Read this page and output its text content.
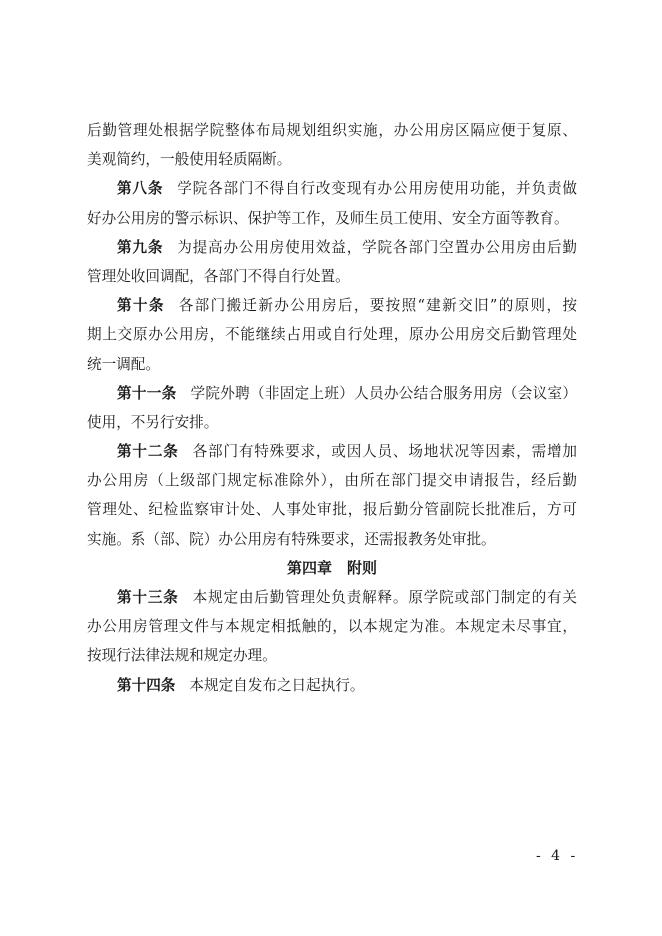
后勤管理处根据学院整体布局规划组织实施，办公用房区隔应便于复原、
美观简约，一般使用轻质隔断。
第八条 学院各部门不得自行改变现有办公用房使用功能，并负责做
好办公用房的警示标识、保护等工作，及师生员工使用、安全方面等教育。
第九条 为提高办公用房使用效益，学院各部门空置办公用房由后勤
管理处收回调配，各部门不得自行处置。
第十条 各部门搬迁新办公用房后，要按照“建新交旧”的原则，按
期上交原办公用房，不能继续占用或自行处理，原办公用房交后勤管理处
统一调配。
第十一条 学院外聘（非固定上班）人员办公结合服务用房（会议室）
使用，不另行安排。
第十二条 各部门有特殊要求，或因人员、场地状况等因素，需增加
办公用房（上级部门规定标准除外），由所在部门提交申请报告，经后勤
管理处、纪检监察审计处、人事处审批，报后勤分管副院长批准后，方可
实施。系（部、院）办公用房有特殊要求，还需报教务处审批。
第四章　附则
第十三条 本规定由后勤管理处负责解释。原学院或部门制定的有关
办公用房管理文件与本规定相抵触的，以本规定为准。本规定未尽事宜，
按现行法律法规和规定办理。
第十四条 本规定自发布之日起执行。
- 4 -
